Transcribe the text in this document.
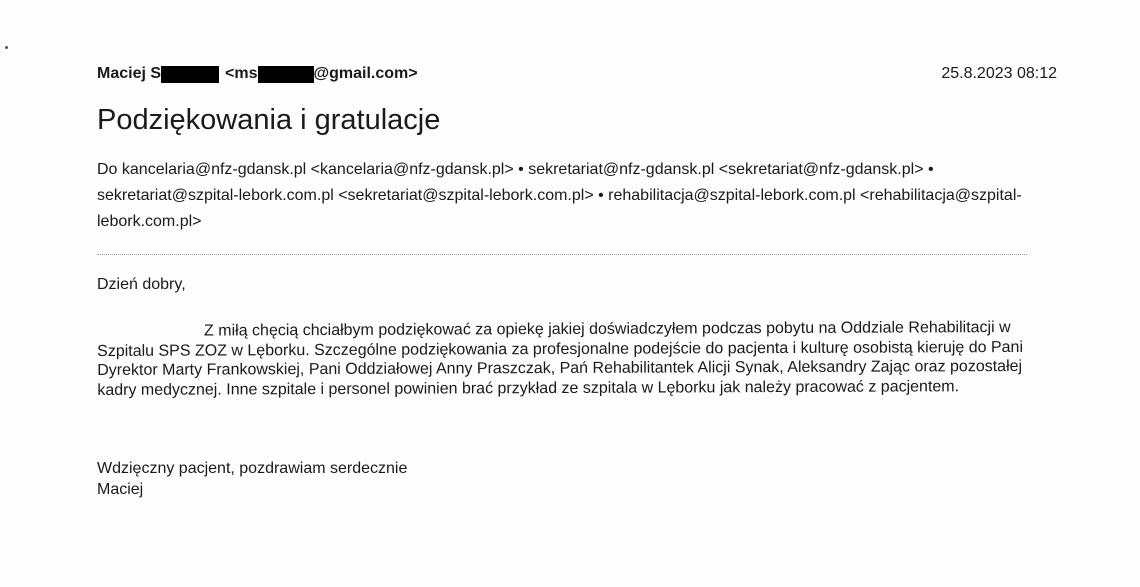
Maciej S	<ms	@gmail.com>	25.8.2023 08:12
Podziękowania i gratulacje
Do kancelaria@nfz-gdansk.pl <kancelaria@nfz-gdansk.pl> • sekretariat@nfz-gdansk.pl <sekretariat@nfz-gdansk.pl> • sekretariat@szpital-lebork.com.pl <sekretariat@szpital-lebork.com.pl> • rehabilitacja@szpital-lebork.com.pl <rehabilitacja@szpital-lebork.com.pl>
Dzień dobry,
Z miłą chęcią chciałbym podziękować za opiekę jakiej doświadczyłem podczas pobytu na Oddziale Rehabilitacji w Szpitalu SPS ZOZ w Lęborku. Szczególne podziękowania za profesjonalne podejście do pacjenta i kulturę osobistą kieruję do Pani Dyrektor Marty Frankowskiej, Pani Oddziałowej Anny Praszczak, Pań Rehabilitantek Alicji Synak, Aleksandry Zając oraz pozostałej kadry medycznej. Inne szpitale i personel powinien brać przykład ze szpitala w Lęborku jak należy pracować z pacjentem.
Wdzięczny pacjent, pozdrawiam serdecznie
Maciej
